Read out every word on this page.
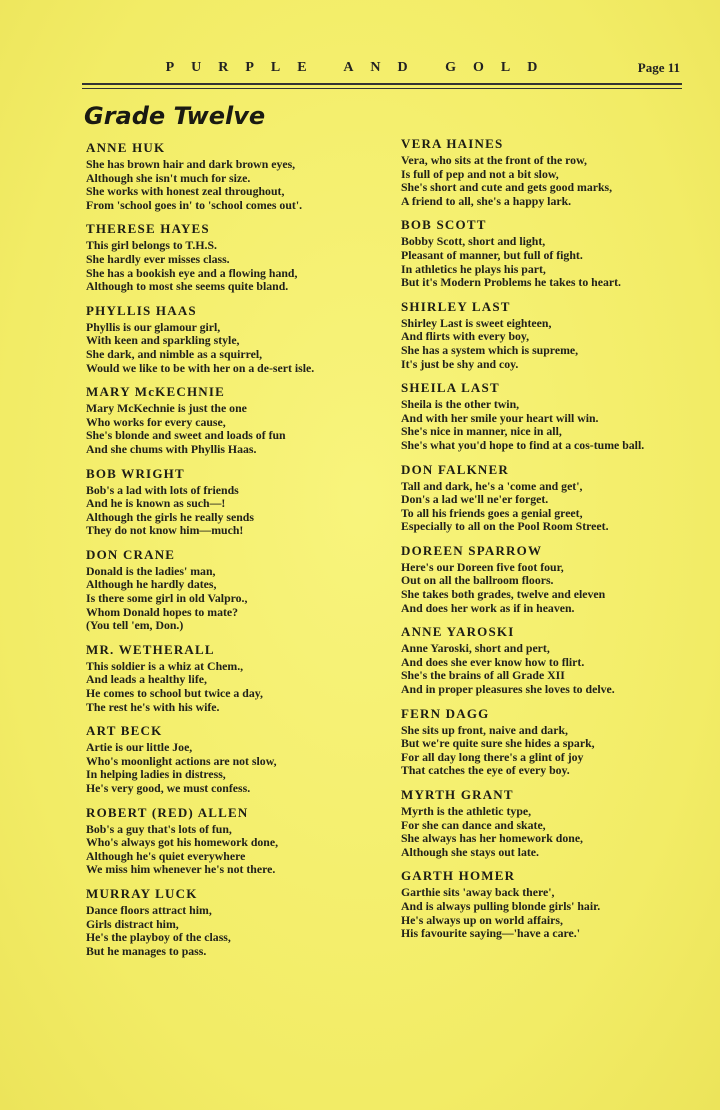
PURPLE AND GOLD	Page 11
Grade Twelve
ANNE HUK
She has brown hair and dark brown eyes,
Although she isn't much for size.
She works with honest zeal throughout,
From 'school goes in' to 'school comes out'.
THERESE HAYES
This girl belongs to T.H.S.
She hardly ever misses class.
She has a bookish eye and a flowing hand,
Although to most she seems quite bland.
PHYLLIS HAAS
Phyllis is our glamour girl,
With keen and sparkling style,
She dark, and nimble as a squirrel,
Would we like to be with her on a de-sert isle.
MARY McKECHNIE
Mary McKechnie is just the one
Who works for every cause,
She's blonde and sweet and loads of fun
And she chums with Phyllis Haas.
BOB WRIGHT
Bob's a lad with lots of friends
And he is known as such—!
Although the girls he really sends
They do not know him—much!
DON CRANE
Donald is the ladies' man,
Although he hardly dates,
Is there some girl in old Valpro.,
Whom Donald hopes to mate?
(You tell 'em, Don.)
MR. WETHERALL
This soldier is a whiz at Chem.,
And leads a healthy life,
He comes to school but twice a day,
The rest he's with his wife.
ART BECK
Artie is our little Joe,
Who's moonlight actions are not slow,
In helping ladies in distress,
He's very good, we must confess.
ROBERT (RED) ALLEN
Bob's a guy that's lots of fun,
Who's always got his homework done,
Although he's quiet everywhere
We miss him whenever he's not there.
MURRAY LUCK
Dance floors attract him,
Girls distract him,
He's the playboy of the class,
But he manages to pass.
VERA HAINES
Vera, who sits at the front of the row,
Is full of pep and not a bit slow,
She's short and cute and gets good marks,
A friend to all, she's a happy lark.
BOB SCOTT
Bobby Scott, short and light,
Pleasant of manner, but full of fight.
In athletics he plays his part,
But it's Modern Problems he takes to heart.
SHIRLEY LAST
Shirley Last is sweet eighteen,
And flirts with every boy,
She has a system which is supreme,
It's just be shy and coy.
SHEILA LAST
Sheila is the other twin,
And with her smile your heart will win.
She's nice in manner, nice in all,
She's what you'd hope to find at a cos-tume ball.
DON FALKNER
Tall and dark, he's a 'come and get',
Don's a lad we'll ne'er forget.
To all his friends goes a genial greet,
Especially to all on the Pool Room Street.
DOREEN SPARROW
Here's our Doreen five foot four,
Out on all the ballroom floors.
She takes both grades, twelve and eleven
And does her work as if in heaven.
ANNE YAROSKI
Anne Yaroski, short and pert,
And does she ever know how to flirt.
She's the brains of all Grade XII
And in proper pleasures she loves to delve.
FERN DAGG
She sits up front, naive and dark,
But we're quite sure she hides a spark,
For all day long there's a glint of joy
That catches the eye of every boy.
MYRTH GRANT
Myrth is the athletic type,
For she can dance and skate,
She always has her homework done,
Although she stays out late.
GARTH HOMER
Garthie sits 'away back there',
And is always pulling blonde girls' hair.
He's always up on world affairs,
His favourite saying—'have a care.'
